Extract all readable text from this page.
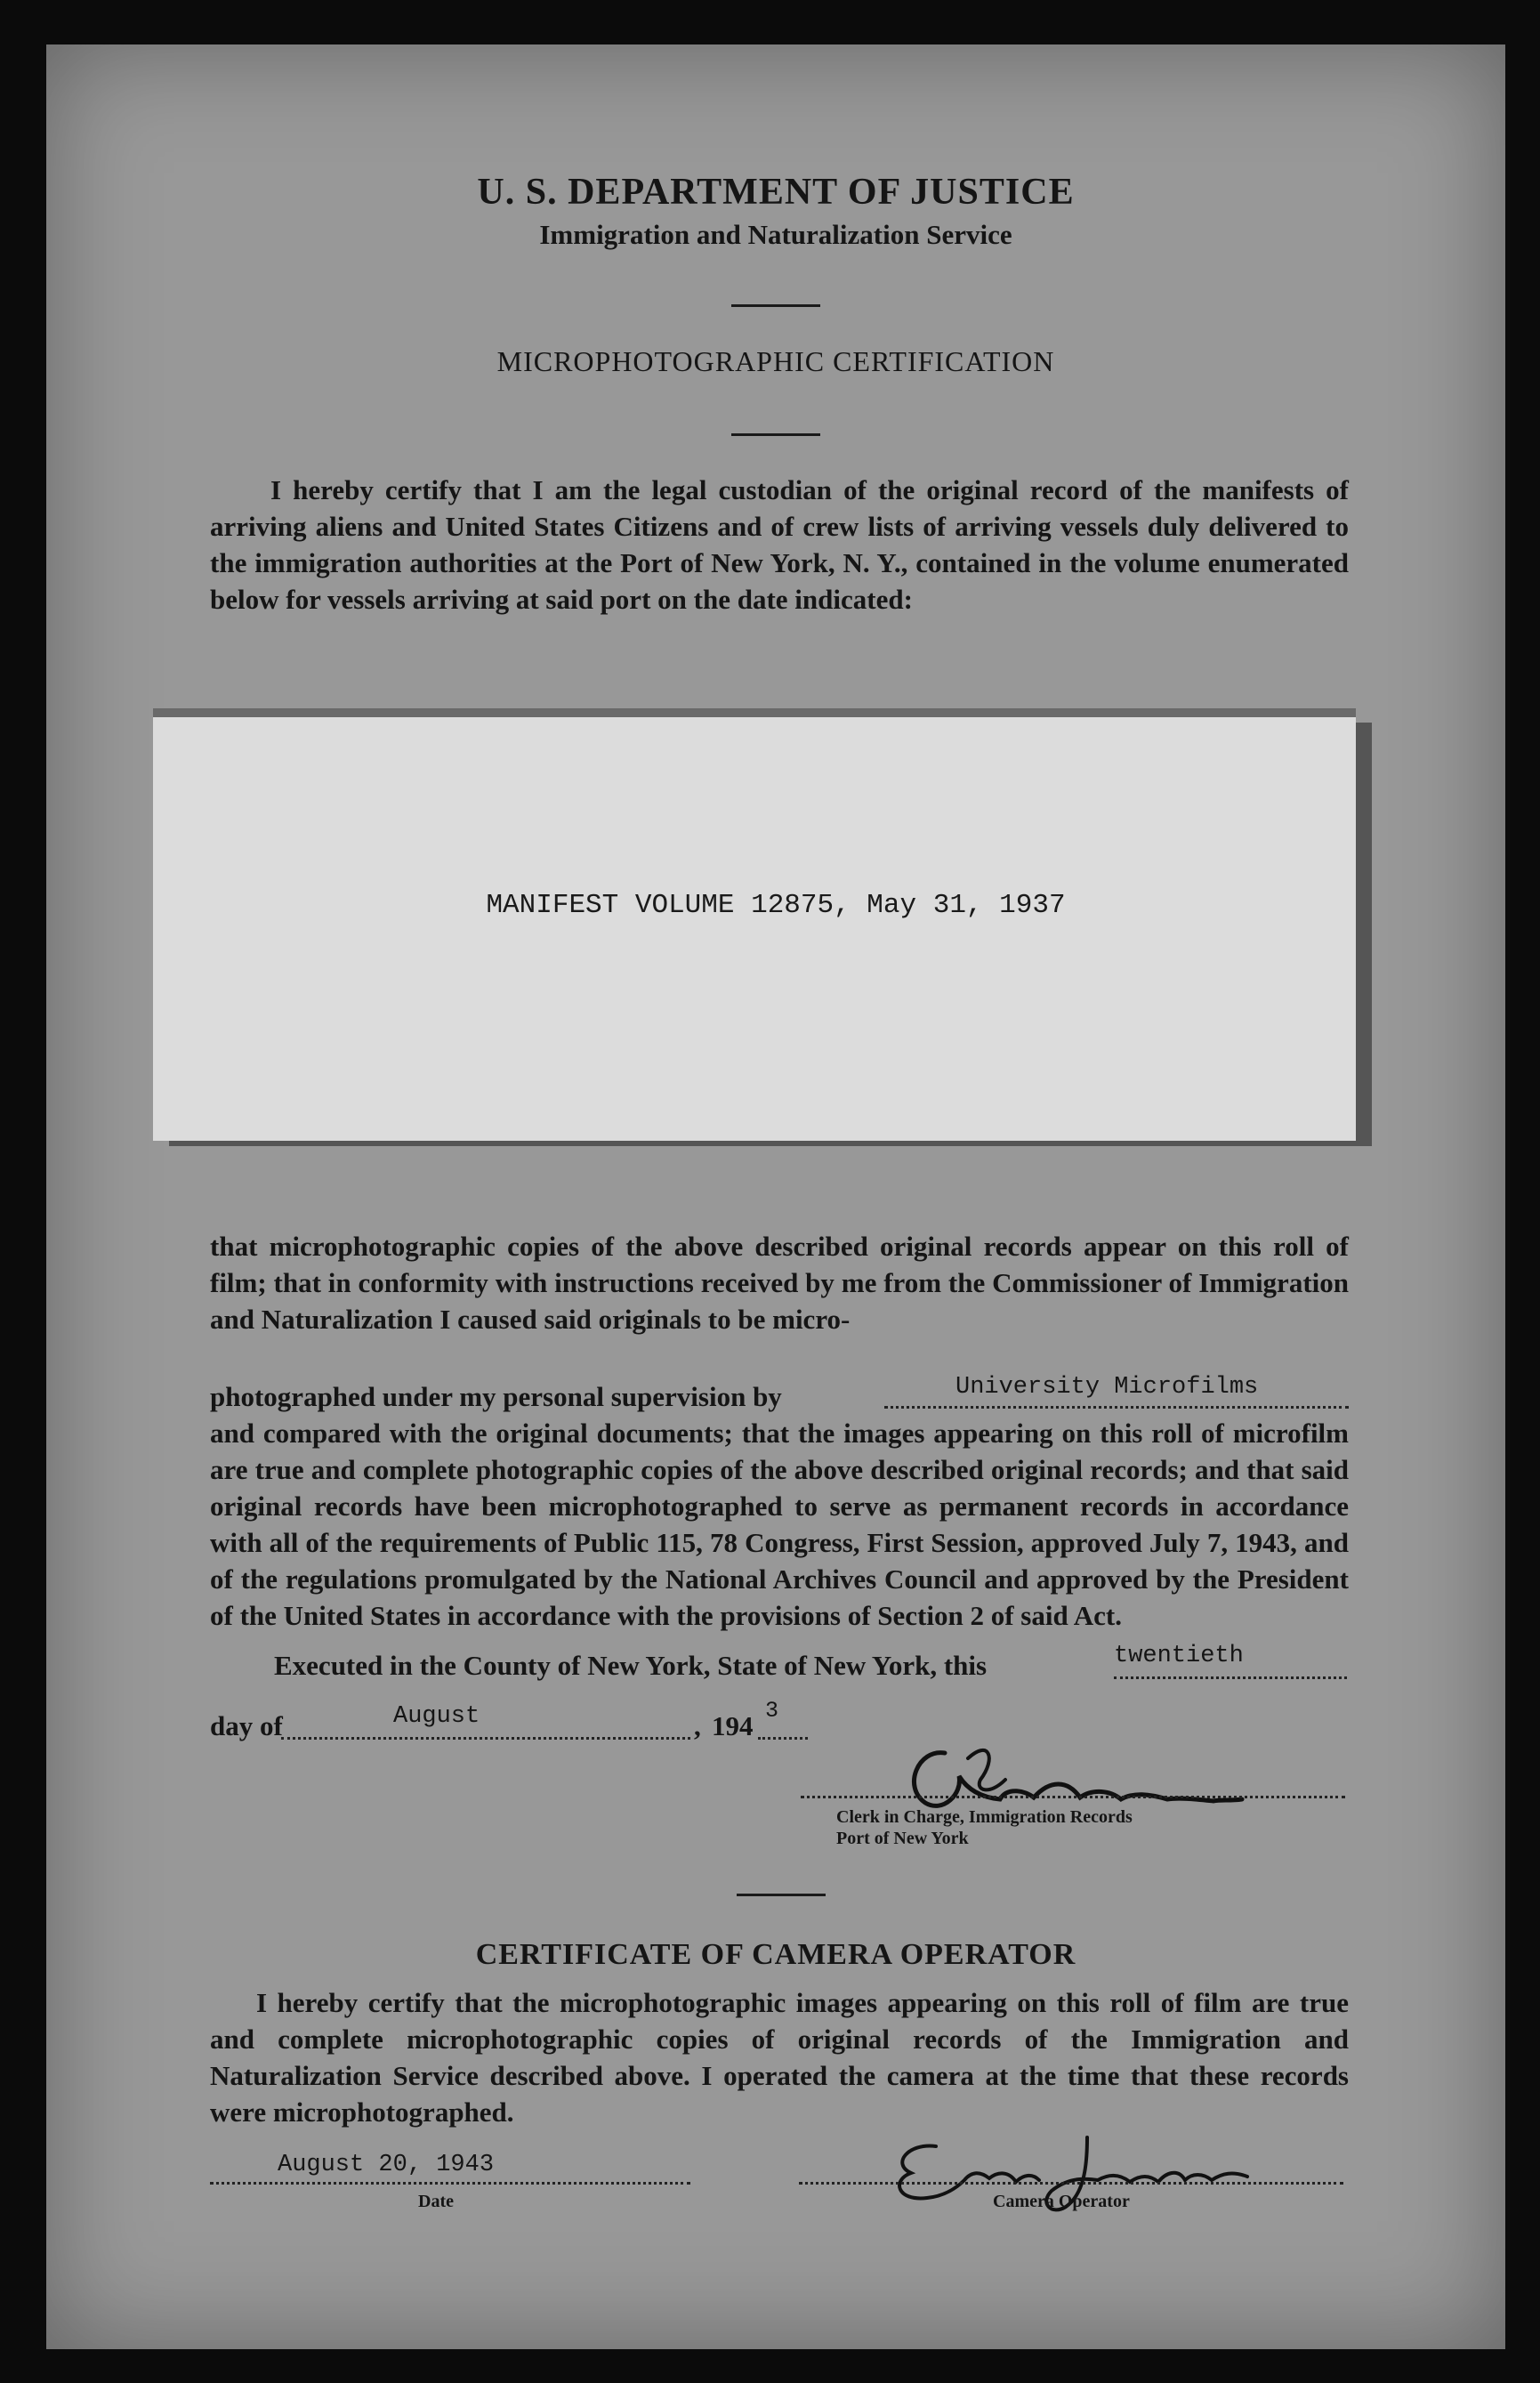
U. S. DEPARTMENT OF JUSTICE
Immigration and Naturalization Service
MICROPHOTOGRAPHIC CERTIFICATION
I hereby certify that I am the legal custodian of the original record of the manifests of arriving aliens and United States Citizens and of crew lists of arriving vessels duly delivered to the immigration authorities at the Port of New York, N. Y., contained in the volume enumerated below for vessels arriving at said port on the date indicated:
MANIFEST VOLUME 12875, May 31, 1937
that microphotographic copies of the above described original records appear on this roll of film; that in conformity with instructions received by me from the Commissioner of Immigration and Naturalization I caused said originals to be micro-
photographed under my personal supervision by	University Microfilms
and compared with the original documents; that the images appearing on this roll of microfilm are true and complete photographic copies of the above described original records; and that said original records have been microphotographed to serve as permanent records in accordance with all of the requirements of Public 115, 78 Congress, First Session, approved July 7, 1943, and of the regulations promulgated by the National Archives Council and approved by the President of the United States in accordance with the provisions of Section 2 of said Act.
Executed in the County of New York, State of New York, this	twentieth
day of	August	, 194 3
Clerk in Charge, Immigration Records
Port of New York
CERTIFICATE OF CAMERA OPERATOR
I hereby certify that the microphotographic images appearing on this roll of film are true and complete microphotographic copies of original records of the Immigration and Naturalization Service described above. I operated the camera at the time that these records were microphotographed.
August 20, 1943
Date	Camera Operator
